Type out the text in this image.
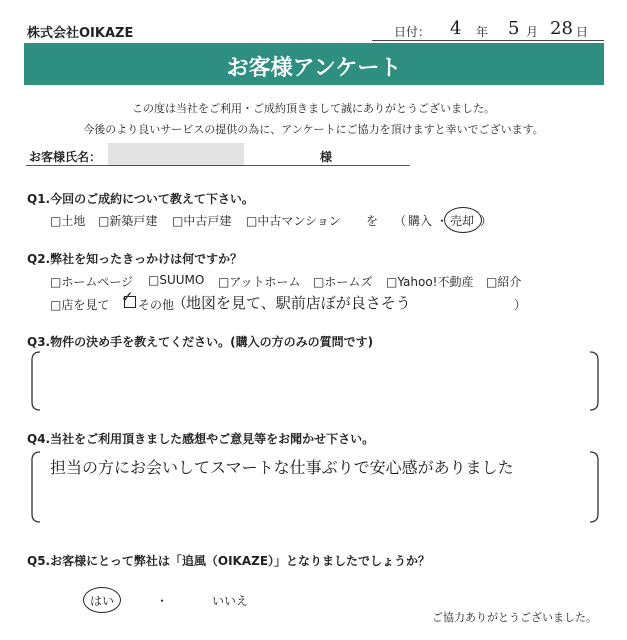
株式会社OIKAZE	日付： 4 年 5 月 28 日
お客様アンケート
この度は当社をご利用・ご成約頂きまして誠にありがとうございました。
今後のより良いサービスの提供の為に、アンケートにご協力を頂けますと幸いでございます。
お客様氏名：	様
Q1.今回のご成約について教えて下さい。
□土地 □新築戸建 □中古戸建 □中古マンション を （ 購入 ・ 売却 ）
Q2.弊社を知ったきっかけは何ですか？
□ホームページ □SUUMO □アットホーム □ホームズ □Yahoo!不動産 □紹介
□店を見て ✓ その他
（
地図を見て、駅前店ぼが良さそう	）
Q3.物件の決め手を教えてください。(購入の方のみの質問です)
Q4.当社をご利用頂きました感想やご意見等をお聞かせ下さい。
担当の方にお会いしてスマートな仕事ぶりで安心感がありました
Q5.お客様にとって弊社は「追風（OIKAZE）」となりましたでしょうか？
はい	・	いいえ
ご協力ありがとうございました。
